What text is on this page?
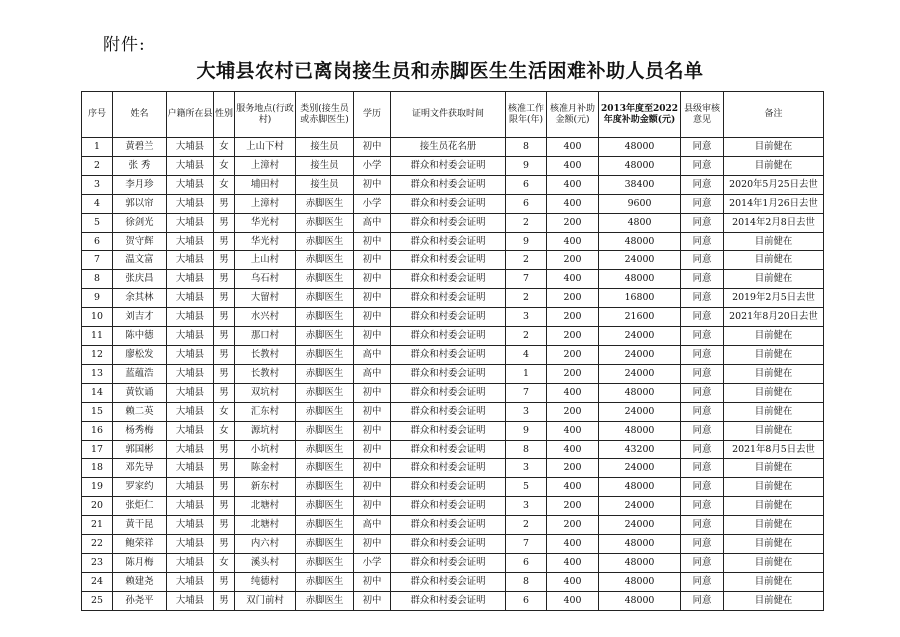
附件:
大埔县农村已离岗接生员和赤脚医生生活困难补助人员名单
序号	姓名	户籍所在县	性别	服务地点(行政村)	类别(接生员或赤脚医生)	学历	证明文件获取时间	核准工作限年(年)	核准月补助金额(元)	2013年度至2022年度补助金额(元)	县级审核意见	备注
1	黄碧兰	大埔县	女	上山下村	接生员	初中	接生员花名册	8	400	48000	同意	目前健在
2	张 秀	大埔县	女	上漳村	接生员	小学	群众和村委会证明	9	400	48000	同意	目前健在
3	李月珍	大埔县	女	埔田村	接生员	初中	群众和村委会证明	6	400	38400	同意	2020年5月25日去世
4	郭以帘	大埔县	男	上漳村	赤脚医生	小学	群众和村委会证明	6	400	9600	同意	2014年1月26日去世
5	徐剑光	大埔县	男	华光村	赤脚医生	高中	群众和村委会证明	2	200	4800	同意	2014年2月8日去世
6	贺守辉	大埔县	男	华光村	赤脚医生	初中	群众和村委会证明	9	400	48000	同意	目前健在
7	温文富	大埔县	男	上山村	赤脚医生	初中	群众和村委会证明	2	200	24000	同意	目前健在
8	张庆昌	大埔县	男	乌石村	赤脚医生	初中	群众和村委会证明	7	400	48000	同意	目前健在
9	余其林	大埔县	男	大留村	赤脚医生	初中	群众和村委会证明	2	200	16800	同意	2019年2月5日去世
10	刘吉才	大埔县	男	水兴村	赤脚医生	初中	群众和村委会证明	3	200	21600	同意	2021年8月20日去世
11	陈中德	大埔县	男	那口村	赤脚医生	初中	群众和村委会证明	2	200	24000	同意	目前健在
12	廖松发	大埔县	男	长教村	赤脚医生	高中	群众和村委会证明	4	200	24000	同意	目前健在
13	蓝蕴浩	大埔县	男	长教村	赤脚医生	高中	群众和村委会证明	1	200	24000	同意	目前健在
14	黄钦诵	大埔县	男	双坑村	赤脚医生	初中	群众和村委会证明	7	400	48000	同意	目前健在
15	赖二英	大埔县	女	汇东村	赤脚医生	初中	群众和村委会证明	3	200	24000	同意	目前健在
16	杨秀梅	大埔县	女	源坑村	赤脚医生	初中	群众和村委会证明	9	400	48000	同意	目前健在
17	郭国彬	大埔县	男	小坑村	赤脚医生	初中	群众和村委会证明	8	400	43200	同意	2021年8月5日去世
18	邓先导	大埔县	男	陈金村	赤脚医生	初中	群众和村委会证明	3	200	24000	同意	目前健在
19	罗家约	大埔县	男	新东村	赤脚医生	初中	群众和村委会证明	5	400	48000	同意	目前健在
20	张炬仁	大埔县	男	北塘村	赤脚医生	初中	群众和村委会证明	3	200	24000	同意	目前健在
21	黄干昆	大埔县	男	北塘村	赤脚医生	高中	群众和村委会证明	2	200	24000	同意	目前健在
22	鲍荣祥	大埔县	男	内六村	赤脚医生	初中	群众和村委会证明	7	400	48000	同意	目前健在
23	陈月梅	大埔县	女	溪头村	赤脚医生	小学	群众和村委会证明	6	400	48000	同意	目前健在
24	赖建尧	大埔县	男	纯德村	赤脚医生	初中	群众和村委会证明	8	400	48000	同意	目前健在
25	孙尧平	大埔县	男	双门前村	赤脚医生	初中	群众和村委会证明	6	400	48000	同意	目前健在
